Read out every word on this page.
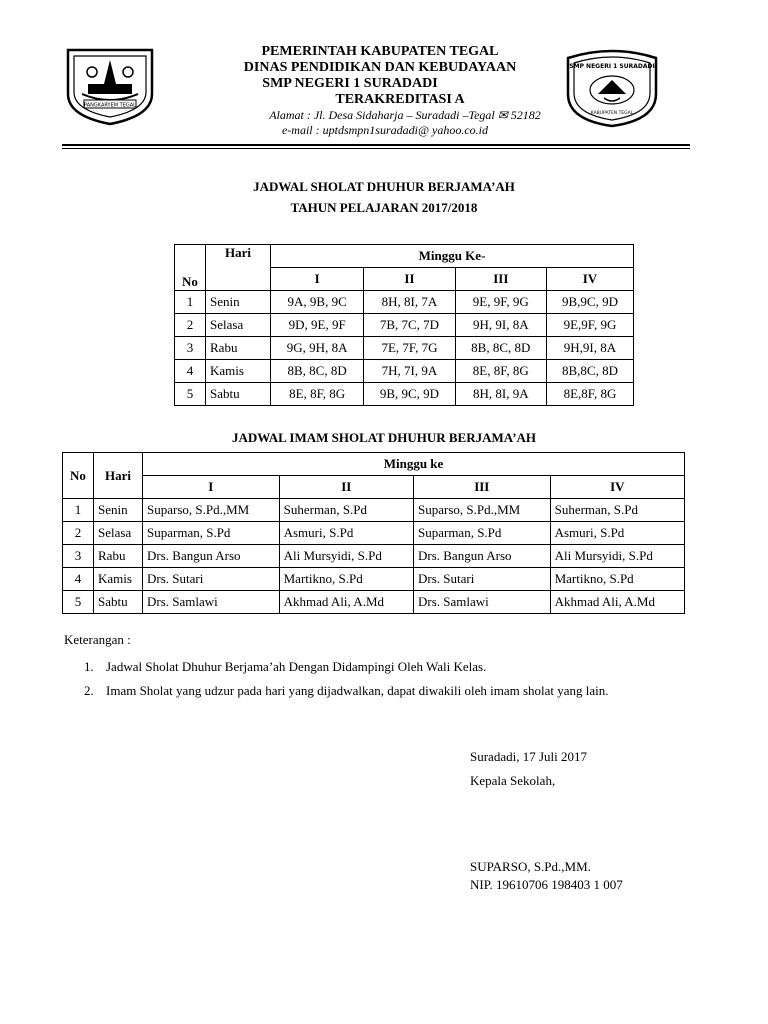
PANGKARYEM TEGAL
SMP NEGERI 1 SURADADI
KABUPATEN TEGAL
PEMERINTAH KABUPATEN TEGAL
DINAS PENDIDIKAN DAN KEBUDAYAAN
SMP NEGERI 1 SURADADI
TERAKREDITASI A
Alamat : Jl. Desa Sidaharja – Suradadi –Tegal ✉ 52182
e-mail : uptdsmpn1suradadi@ yahoo.co.id
JADWAL SHOLAT DHUHUR BERJAMA’AH
TAHUN PELAJARAN 2017/2018
No	Hari	Minggu Ke-			
		I	II	III	IV
1	Senin	9A, 9B, 9C	8H, 8I, 7A	9E, 9F, 9G	9B,9C, 9D
2	Selasa	9D, 9E, 9F	7B, 7C, 7D	9H, 9I, 8A	9E,9F, 9G
3	Rabu	9G, 9H, 8A	7E, 7F, 7G	8B, 8C, 8D	9H,9I, 8A
4	Kamis	8B, 8C, 8D	7H, 7I, 9A	8E, 8F, 8G	8B,8C, 8D
5	Sabtu	8E, 8F, 8G	9B, 9C, 9D	8H, 8I, 9A	8E,8F, 8G
JADWAL IMAM SHOLAT DHUHUR BERJAMA’AH
No	Hari	Minggu ke			
		I	II	III	IV
1	Senin	Suparso, S.Pd.,MM	Suherman, S.Pd	Suparso, S.Pd.,MM	Suherman, S.Pd
2	Selasa	Suparman, S.Pd	Asmuri, S.Pd	Suparman, S.Pd	Asmuri, S.Pd
3	Rabu	Drs. Bangun Arso	Ali Mursyidi, S.Pd	Drs. Bangun Arso	Ali Mursyidi, S.Pd
4	Kamis	Drs. Sutari	Martikno, S.Pd	Drs. Sutari	Martikno, S.Pd
5	Sabtu	Drs. Samlawi	Akhmad Ali, A.Md	Drs. Samlawi	Akhmad Ali, A.Md
Keterangan :
1. Jadwal Sholat Dhuhur Berjama’ah Dengan Didampingi Oleh Wali Kelas.
2. Imam Sholat yang udzur pada hari yang dijadwalkan, dapat diwakili oleh imam sholat yang lain.
Suradadi, 17 Juli 2017
Kepala Sekolah,
SUPARSO, S.Pd.,MM.
NIP. 19610706 198403 1 007
